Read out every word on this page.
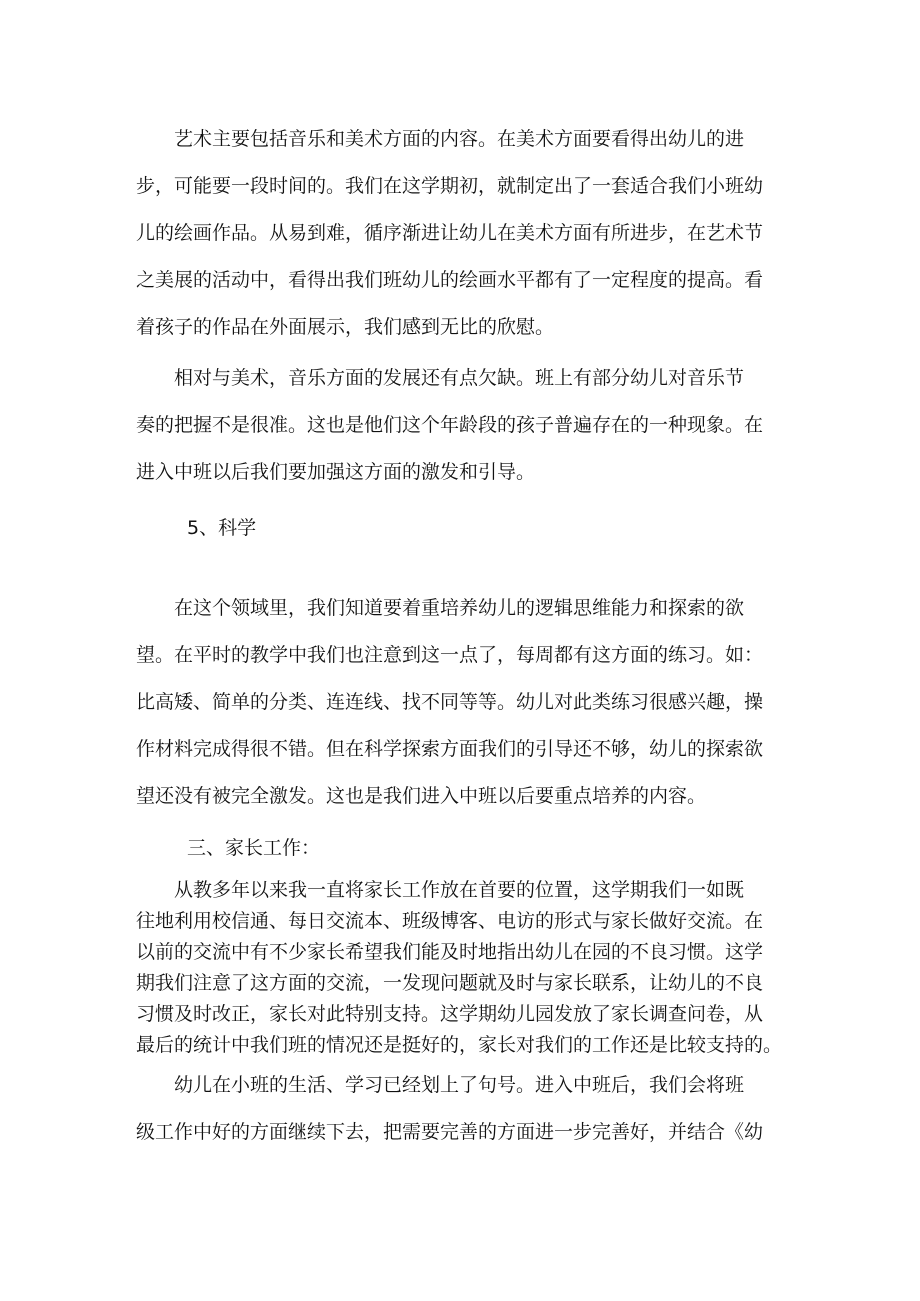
艺术主要包括音乐和美术方面的内容。在美术方面要看得出幼儿的进
步，可能要一段时间的。我们在这学期初，就制定出了一套适合我们小班幼
儿的绘画作品。从易到难，循序渐进让幼儿在美术方面有所进步，在艺术节
之美展的活动中，看得出我们班幼儿的绘画水平都有了一定程度的提高。看
着孩子的作品在外面展示，我们感到无比的欣慰。

相对与美术，音乐方面的发展还有点欠缺。班上有部分幼儿对音乐节
奏的把握不是很准。这也是他们这个年龄段的孩子普遍存在的一种现象。在
进入中班以后我们要加强这方面的激发和引导。

5、科学

在这个领域里，我们知道要着重培养幼儿的逻辑思维能力和探索的欲
望。在平时的教学中我们也注意到这一点了，每周都有这方面的练习。如：
比高矮、简单的分类、连连线、找不同等等。幼儿对此类练习很感兴趣，操
作材料完成得很不错。但在科学探索方面我们的引导还不够，幼儿的探索欲
望还没有被完全激发。这也是我们进入中班以后要重点培养的内容。

三、家长工作：

从教多年以来我一直将家长工作放在首要的位置，这学期我们一如既
往地利用校信通、每日交流本、班级博客、电访的形式与家长做好交流。在
以前的交流中有不少家长希望我们能及时地指出幼儿在园的不良习惯。这学
期我们注意了这方面的交流，一发现问题就及时与家长联系，让幼儿的不良
习惯及时改正，家长对此特别支持。这学期幼儿园发放了家长调查问卷，从
最后的统计中我们班的情况还是挺好的，家长对我们的工作还是比较支持的。

幼儿在小班的生活、学习已经划上了句号。进入中班后，我们会将班
级工作中好的方面继续下去，把需要完善的方面进一步完善好，并结合《幼
